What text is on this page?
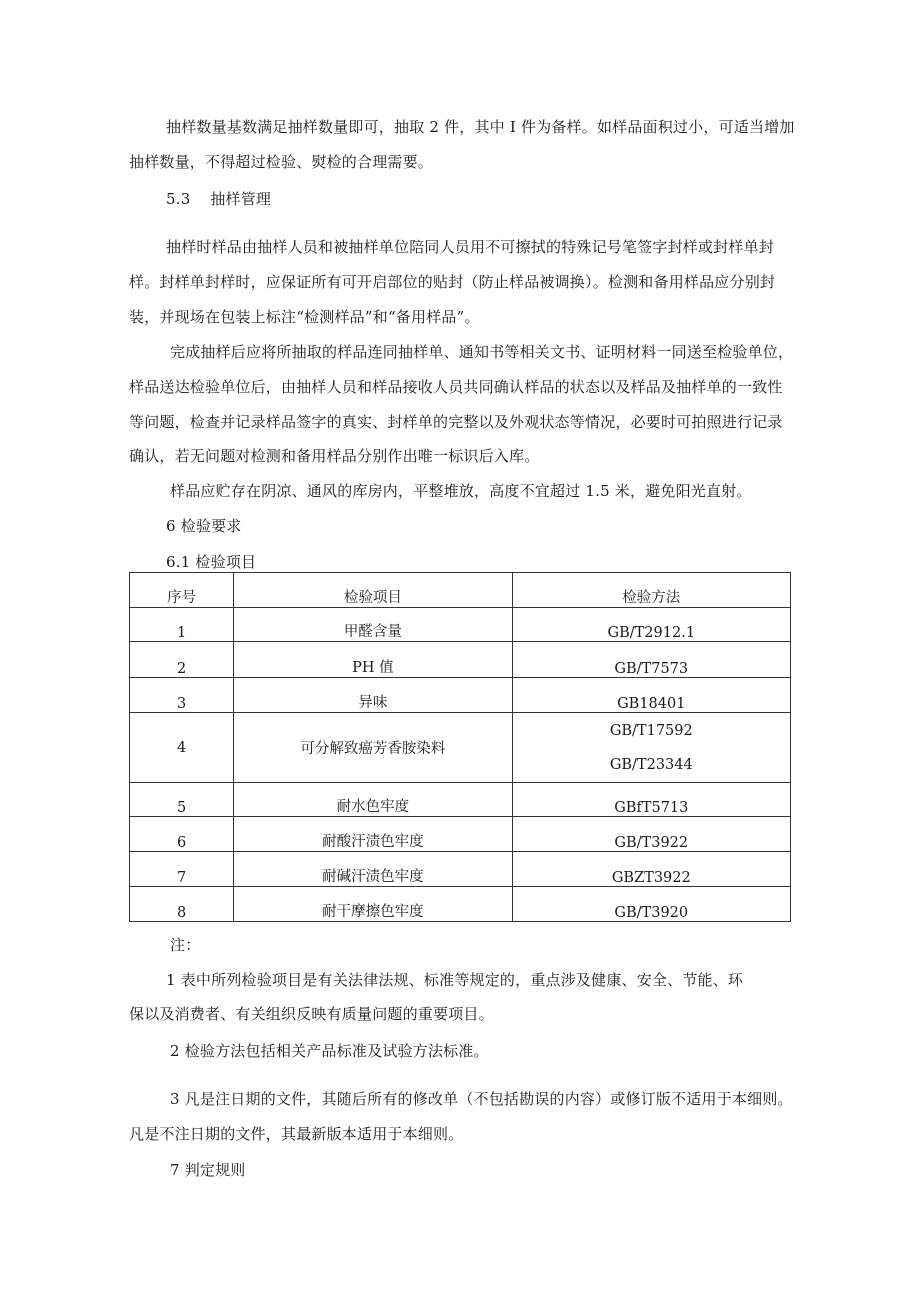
抽样数量基数满足抽样数量即可，抽取 2 件，其中 I 件为备样。如样品面积过小，可适当增加
抽样数量，不得超过检验、熨检的合理需要。
5.3    抽样管理
抽样时样品由抽样人员和被抽样单位陪同人员用不可擦拭的特殊记号笔签字封样或封样单封
样。封样单封样时，应保证所有可开启部位的贴封（防止样品被调换）。检测和备用样品应分别封
装，并现场在包装上标注“检测样品”和“备用样品”。
完成抽样后应将所抽取的样品连同抽样单、通知书等相关文书、证明材料一同送至检验单位，
样品送达检验单位后，由抽样人员和样品接收人员共同确认样品的状态以及样品及抽样单的一致性
等问题，检查并记录样品签字的真实、封样单的完整以及外观状态等情况，必要时可拍照进行记录
确认，若无问题对检测和备用样品分别作出唯一标识后入库。
样品应贮存在阴凉、通风的库房内，平整堆放，高度不宜超过 1.5 米，避免阳光直射。
6 检验要求
6.1 检验项目
序号	检验项目	检验方法
1	甲醛含量	GB/T2912.1
2	PH 值	GB/T7573
3	异味	GB18401
4	可分解致癌芳香胺染料	GB/T17592
GB/T23344

5	耐水色牢度	GBfT5713
6	耐酸汗渍色牢度	GB/T3922
7	耐碱汗渍色牢度	GBZT3922
8	耐干摩擦色牢度	GB/T3920
注：
1 表中所列检验项目是有关法律法规、标准等规定的，重点涉及健康、安全、节能、环
保以及消费者、有关组织反映有质量问题的重要项目。
2 检验方法包括相关产品标准及试验方法标准。
3 凡是注日期的文件，其随后所有的修改单（不包括勘误的内容）或修订版不适用于本细则。
凡是不注日期的文件，其最新版本适用于本细则。
7 判定规则
